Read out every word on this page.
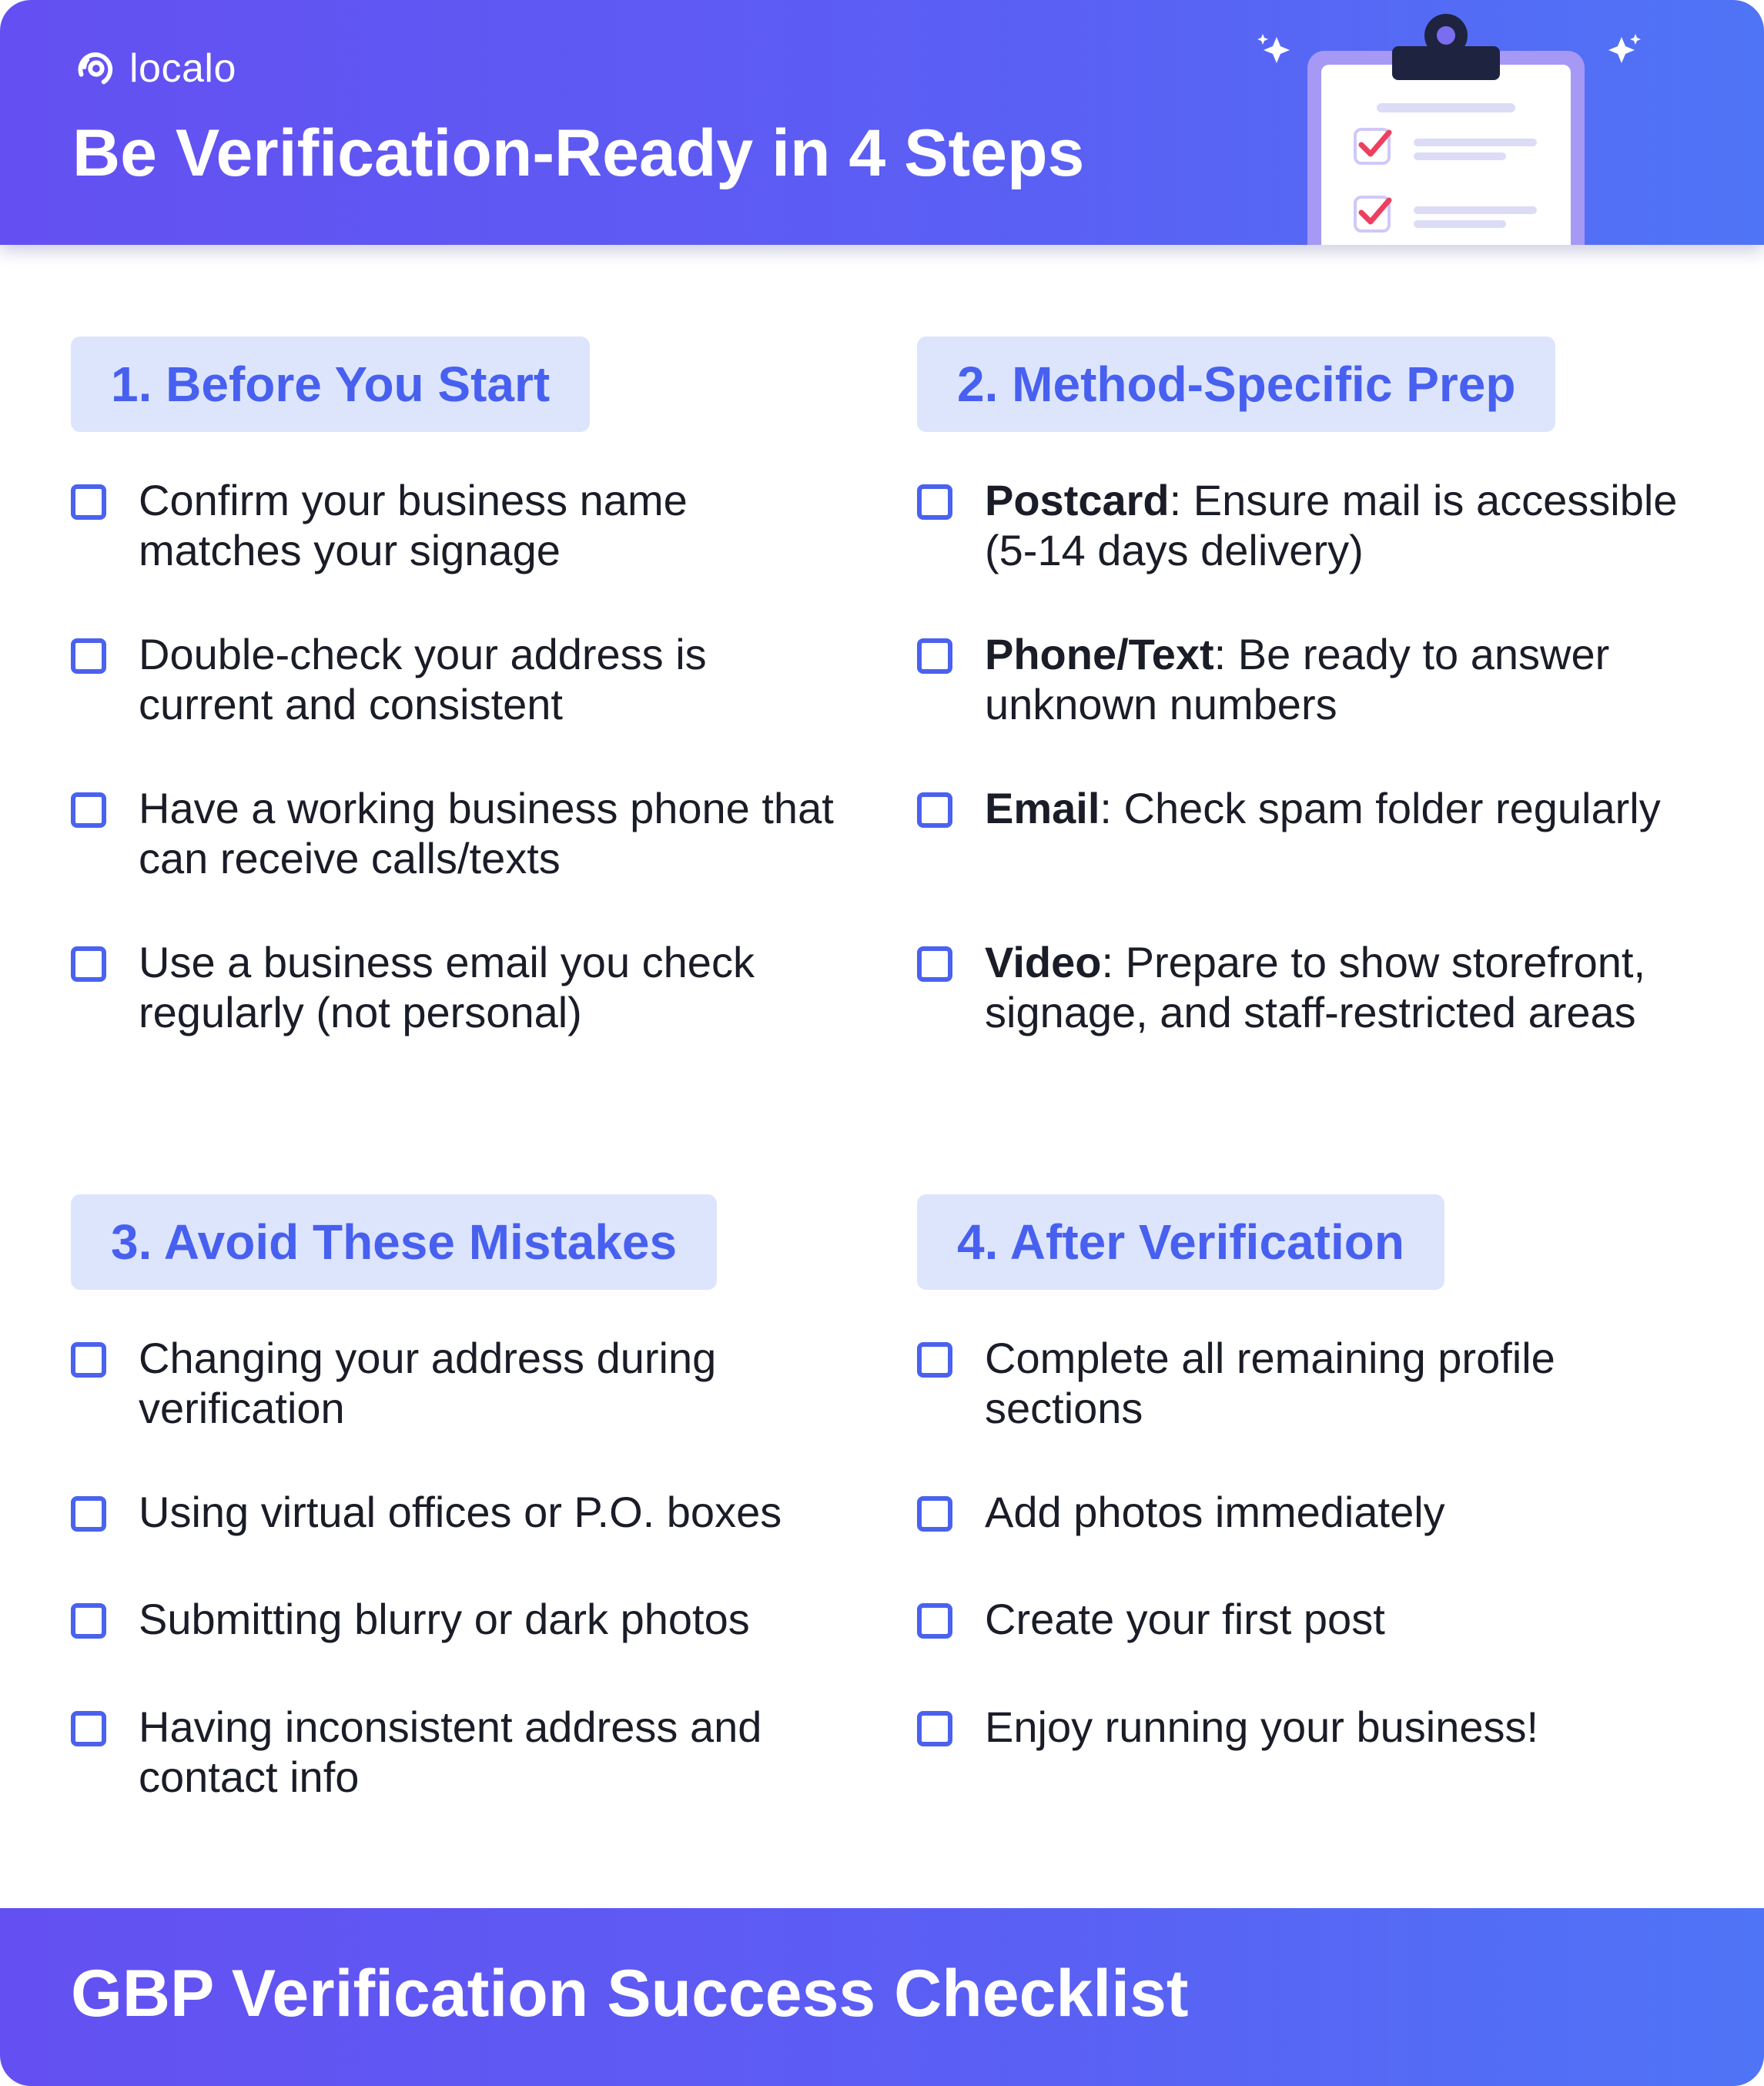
localo
Be Verification-Ready in 4 Steps
1. Before You Start
Confirm your business name matches your signage
Double-check your address is current and consistent
Have a working business phone that can receive calls/texts
Use a business email you check regularly (not personal)
2. Method-Specific Prep
Postcard: Ensure mail is accessible (5-14 days delivery)
Phone/Text: Be ready to answer unknown numbers
Email: Check spam folder regularly
Video: Prepare to show storefront, signage, and staff-restricted areas
3. Avoid These Mistakes
Changing your address during verification
Using virtual offices or P.O. boxes
Submitting blurry or dark photos
Having inconsistent address and contact info
4. After Verification
Complete all remaining profile sections
Add photos immediately
Create your first post
Enjoy running your business!
GBP Verification Success Checklist
